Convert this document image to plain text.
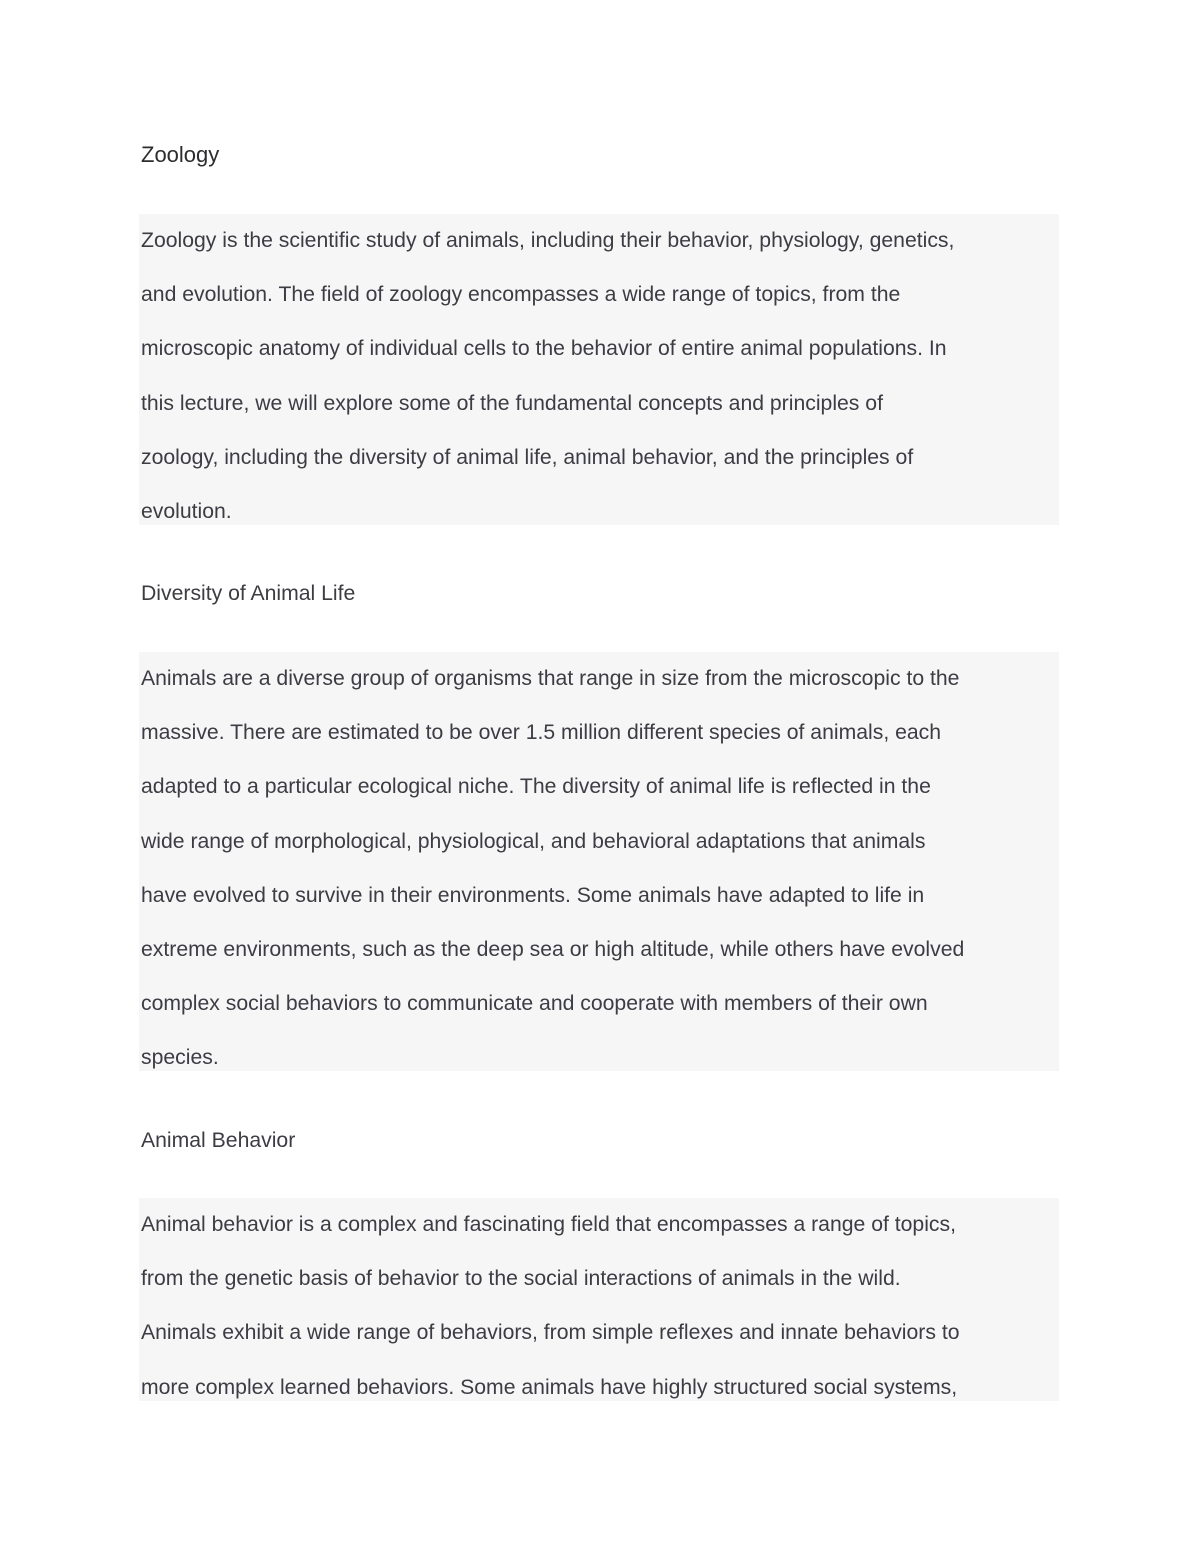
Zoology

Zoology is the scientific study of animals, including their behavior, physiology, genetics,
and evolution. The field of zoology encompasses a wide range of topics, from the
microscopic anatomy of individual cells to the behavior of entire animal populations. In
this lecture, we will explore some of the fundamental concepts and principles of
zoology, including the diversity of animal life, animal behavior, and the principles of
evolution.

Diversity of Animal Life

Animals are a diverse group of organisms that range in size from the microscopic to the
massive. There are estimated to be over 1.5 million different species of animals, each
adapted to a particular ecological niche. The diversity of animal life is reflected in the
wide range of morphological, physiological, and behavioral adaptations that animals
have evolved to survive in their environments. Some animals have adapted to life in
extreme environments, such as the deep sea or high altitude, while others have evolved
complex social behaviors to communicate and cooperate with members of their own
species.

Animal Behavior

Animal behavior is a complex and fascinating field that encompasses a range of topics,
from the genetic basis of behavior to the social interactions of animals in the wild.
Animals exhibit a wide range of behaviors, from simple reflexes and innate behaviors to
more complex learned behaviors. Some animals have highly structured social systems,
